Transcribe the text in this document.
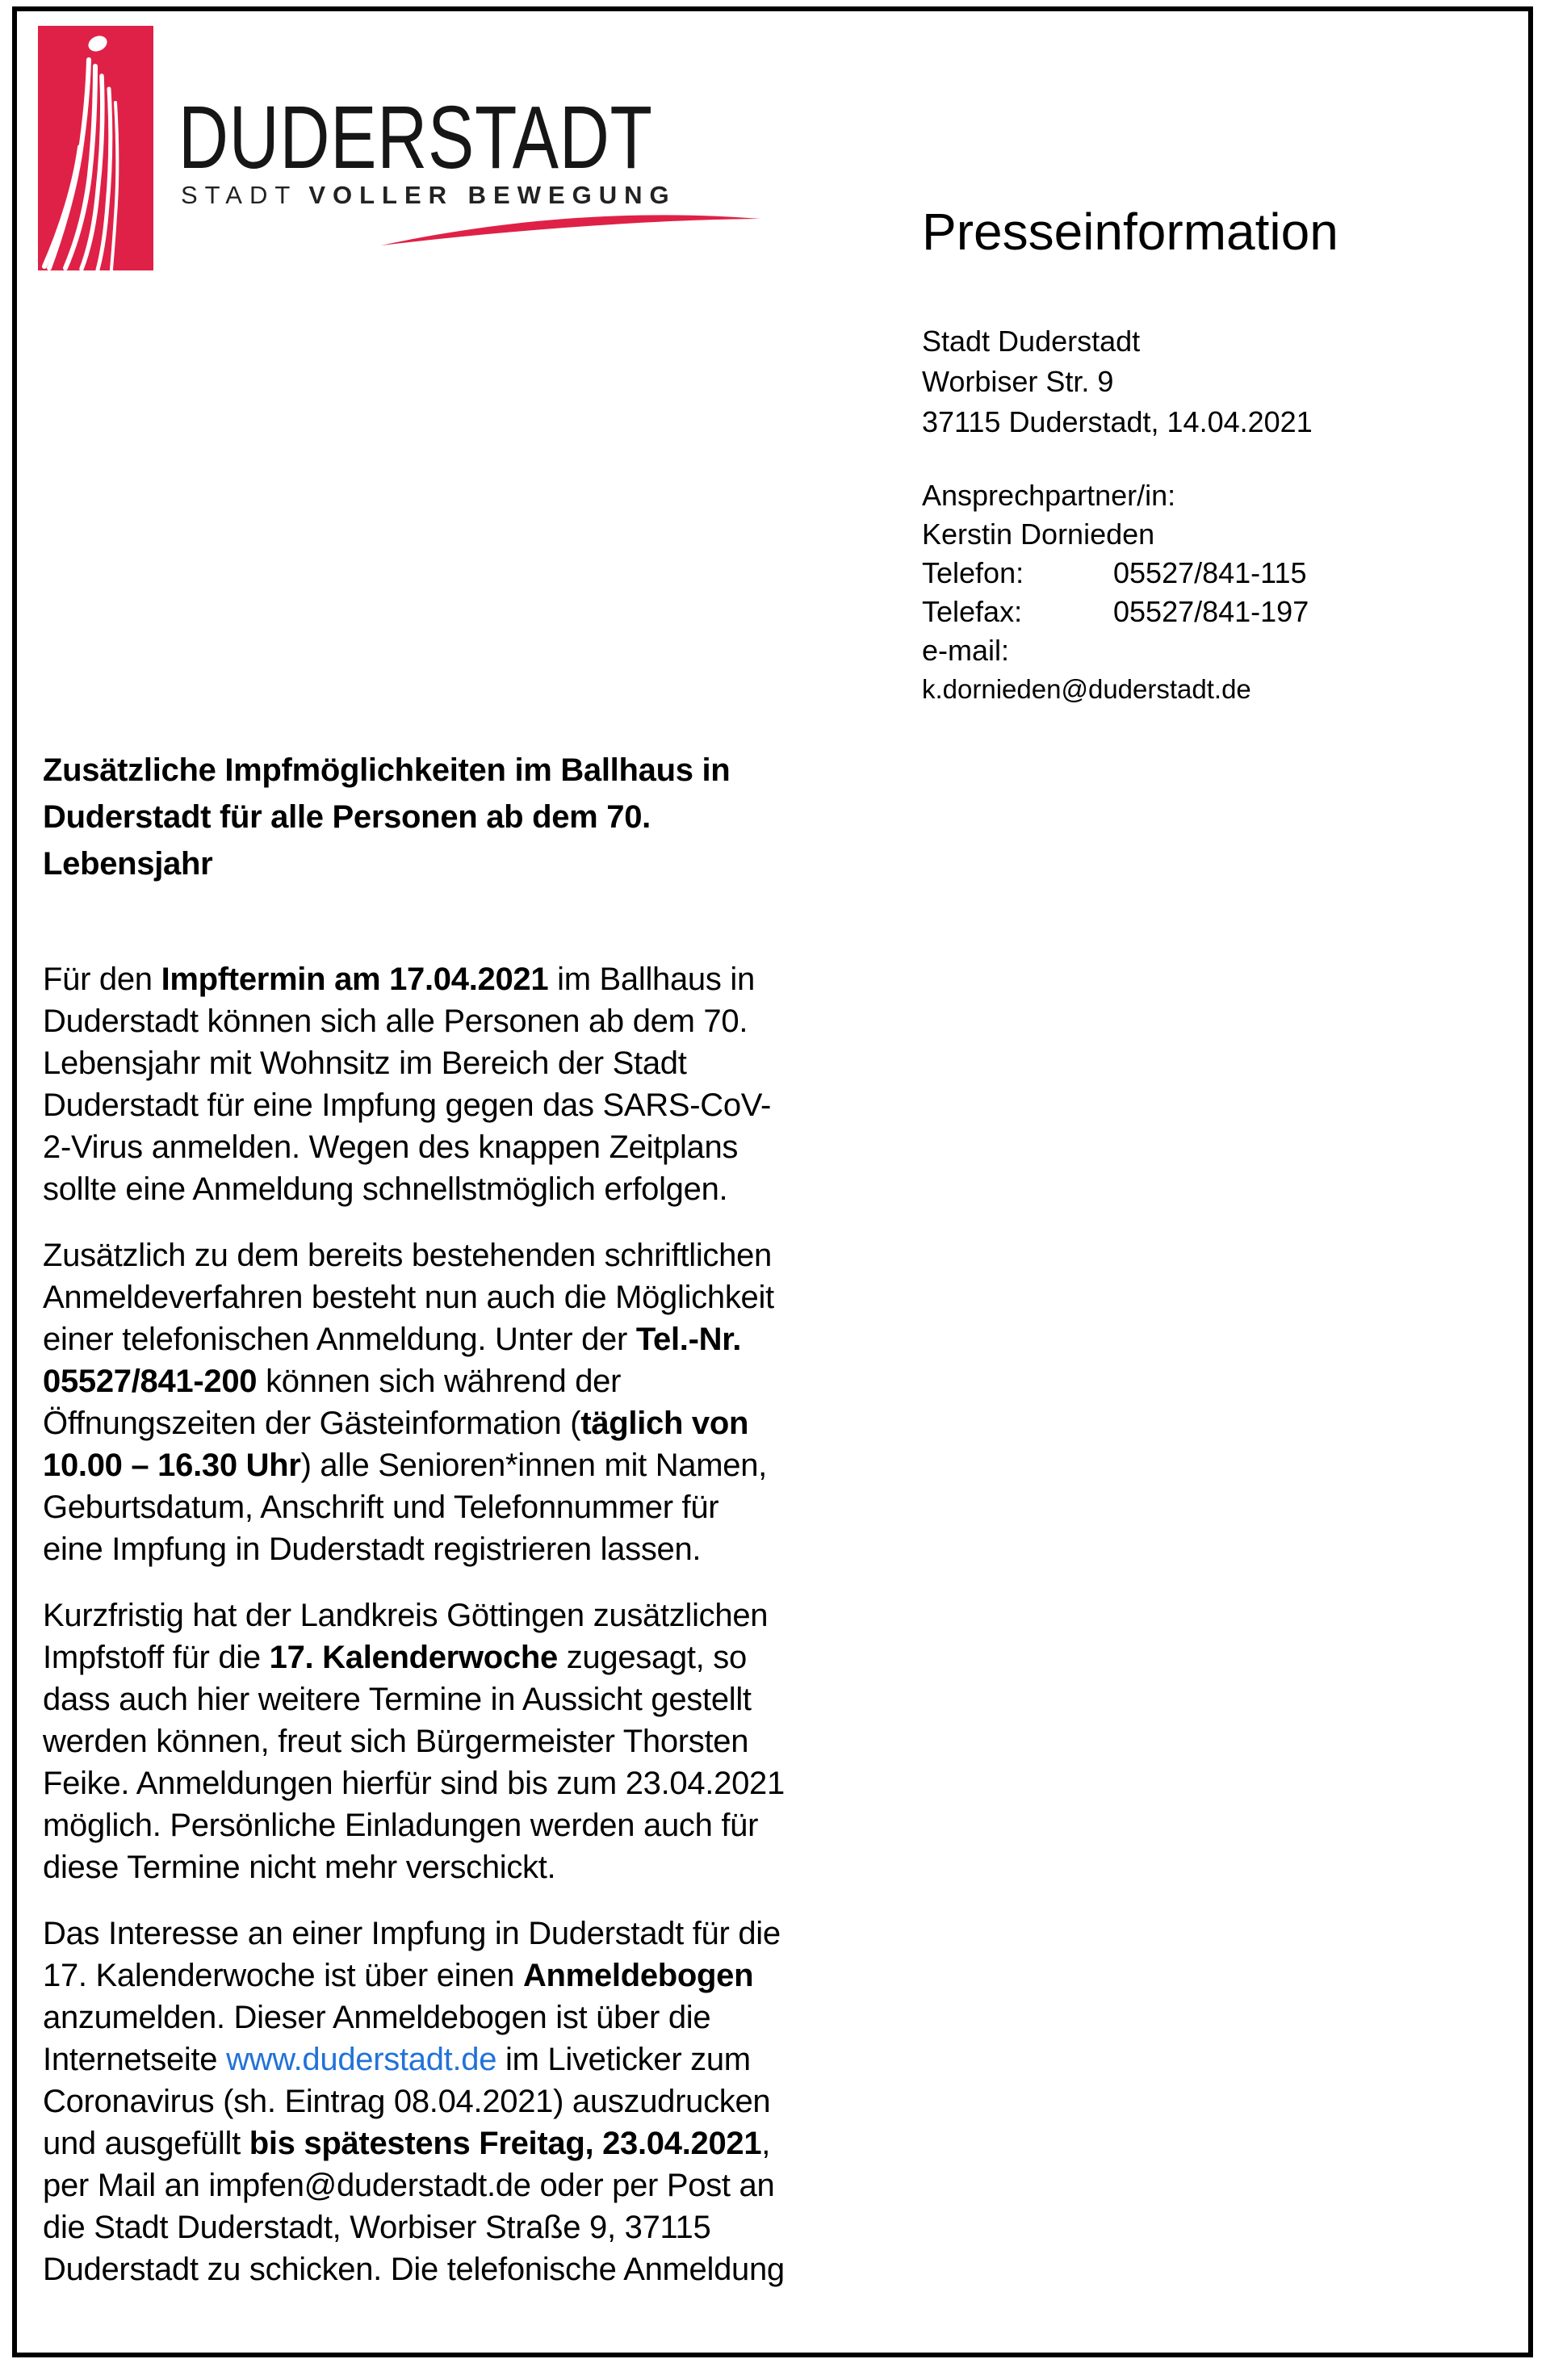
DUDERSTADT
STADT VOLLER BEWEGUNG
Presseinformation
Stadt Duderstadt
Worbiser Str. 9
37115 Duderstadt, 14.04.2021
Ansprechpartner/in:
Kerstin Dornieden
Telefon:	05527/841-115
Telefax:	05527/841-197
e-mail:
k.dornieden@duderstadt.de
Zusätzliche Impfmöglichkeiten im Ballhaus in
Duderstadt für alle Personen ab dem 70.
Lebensjahr
Für den Impftermin am 17.04.2021 im Ballhaus in
Duderstadt können sich alle Personen ab dem 70.
Lebensjahr mit Wohnsitz im Bereich der Stadt
Duderstadt für eine Impfung gegen das SARS-CoV-
2-Virus anmelden. Wegen des knappen Zeitplans
sollte eine Anmeldung schnellstmöglich erfolgen.
Zusätzlich zu dem bereits bestehenden schriftlichen
Anmeldeverfahren besteht nun auch die Möglichkeit
einer telefonischen Anmeldung. Unter der Tel.-Nr.
05527/841-200 können sich während der
Öffnungszeiten der Gästeinformation (täglich von
10.00 – 16.30 Uhr) alle Senioren*innen mit Namen,
Geburtsdatum, Anschrift und Telefonnummer für
eine Impfung in Duderstadt registrieren lassen.
Kurzfristig hat der Landkreis Göttingen zusätzlichen
Impfstoff für die 17. Kalenderwoche zugesagt, so
dass auch hier weitere Termine in Aussicht gestellt
werden können, freut sich Bürgermeister Thorsten
Feike. Anmeldungen hierfür sind bis zum 23.04.2021
möglich. Persönliche Einladungen werden auch für
diese Termine nicht mehr verschickt.
Das Interesse an einer Impfung in Duderstadt für die
17. Kalenderwoche ist über einen Anmeldebogen
anzumelden. Dieser Anmeldebogen ist über die
Internetseite www.duderstadt.de im Liveticker zum
Coronavirus (sh. Eintrag 08.04.2021) auszudrucken
und ausgefüllt bis spätestens Freitag, 23.04.2021,
per Mail an impfen@duderstadt.de oder per Post an
die Stadt Duderstadt, Worbiser Straße 9, 37115
Duderstadt zu schicken. Die telefonische Anmeldung
